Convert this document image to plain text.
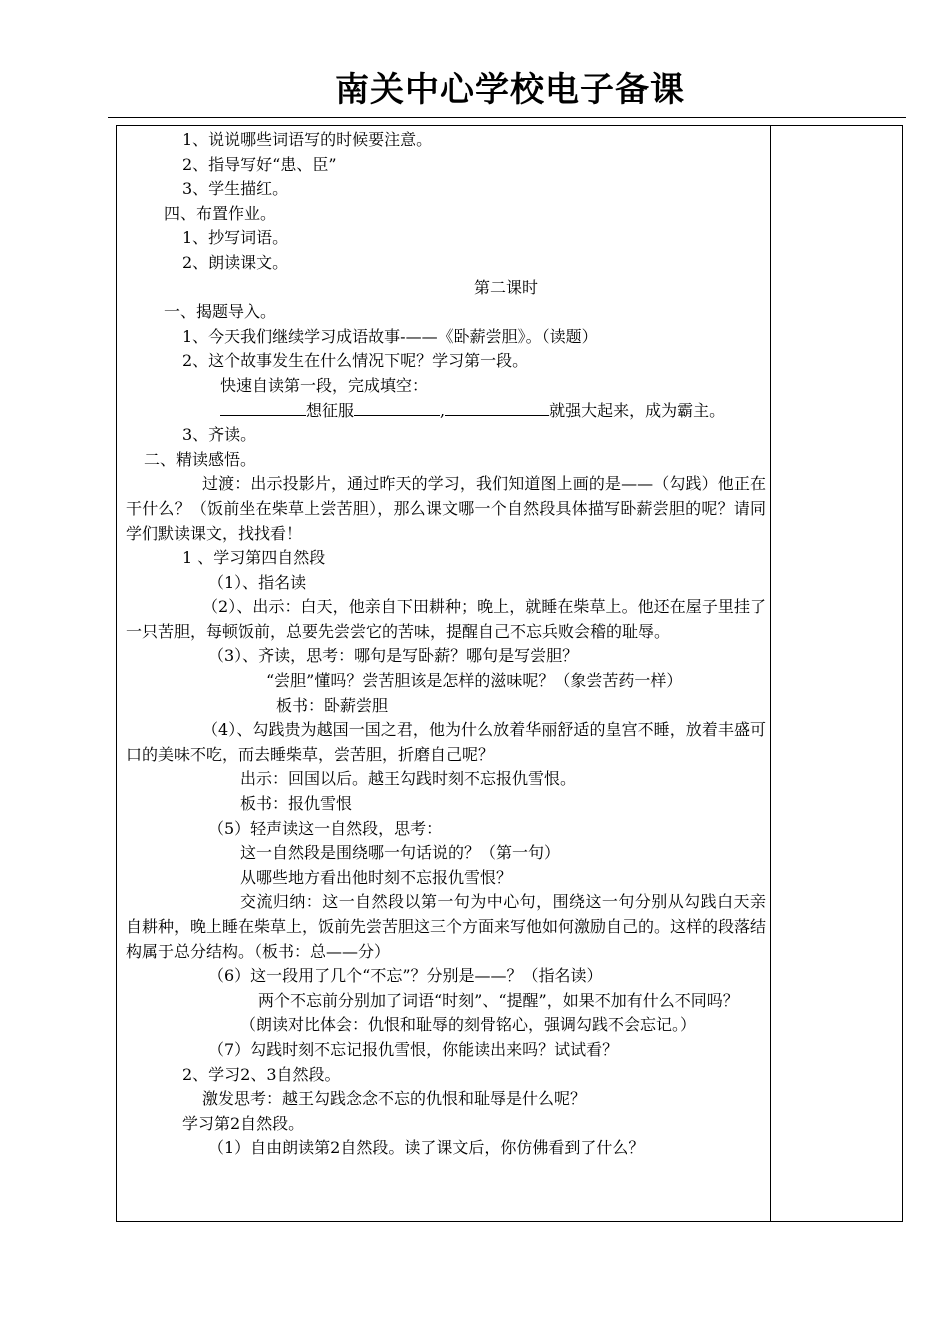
南关中心学校电子备课
1、说说哪些词语写的时候要注意。
2、指导写好“患、臣”
3、学生描红。
四、布置作业。
1、抄写词语。
2、朗读课文。
第二课时
一、揭题导入。
1、今天我们继续学习成语故事-——《卧薪尝胆》。（读题）
2、这个故事发生在什么情况下呢？学习第一段。
快速自读第一段，完成填空：
想征服	,	就强大起来，成为霸主。
3、齐读。
二、精读感悟。
过渡：出示投影片，通过昨天的学习，我们知道图上画的是——（勾践）他正在干什么？（饭前坐在柴草上尝苦胆），那么课文哪一个自然段具体描写卧薪尝胆的呢？请同学们默读课文，找找看！
1 、学习第四自然段
（1）、指名读
（2）、出示：白天，他亲自下田耕种；晚上，就睡在柴草上。他还在屋子里挂了一只苦胆，每顿饭前，总要先尝尝它的苦味，提醒自己不忘兵败会稽的耻辱。
（3）、齐读，思考：哪句是写卧薪？哪句是写尝胆？
“尝胆”懂吗？尝苦胆该是怎样的滋味呢？（象尝苦药一样）
板书：卧薪尝胆
（4）、勾践贵为越国一国之君，他为什么放着华丽舒适的皇宫不睡，放着丰盛可口的美味不吃，而去睡柴草，尝苦胆，折磨自己呢？
出示：回国以后。越王勾践时刻不忘报仇雪恨。
板书：报仇雪恨
（5）轻声读这一自然段，思考：
这一自然段是围绕哪一句话说的？（第一句）
从哪些地方看出他时刻不忘报仇雪恨？
交流归纳：这一自然段以第一句为中心句，围绕这一句分别从勾践白天亲自耕种，晚上睡在柴草上，饭前先尝苦胆这三个方面来写他如何激励自己的。这样的段落结构属于总分结构。（板书：总——分）
（6）这一段用了几个“不忘”？分别是——？（指名读）
两个不忘前分别加了词语“时刻”、“提醒”，如果不加有什么不同吗？
（朗读对比体会：仇恨和耻辱的刻骨铭心，强调勾践不会忘记。）
（7）勾践时刻不忘记报仇雪恨，你能读出来吗？试试看？
2、学习2、3自然段。
激发思考：越王勾践念念不忘的仇恨和耻辱是什么呢？
学习第2自然段。
（1）自由朗读第2自然段。读了课文后，你仿佛看到了什么？
